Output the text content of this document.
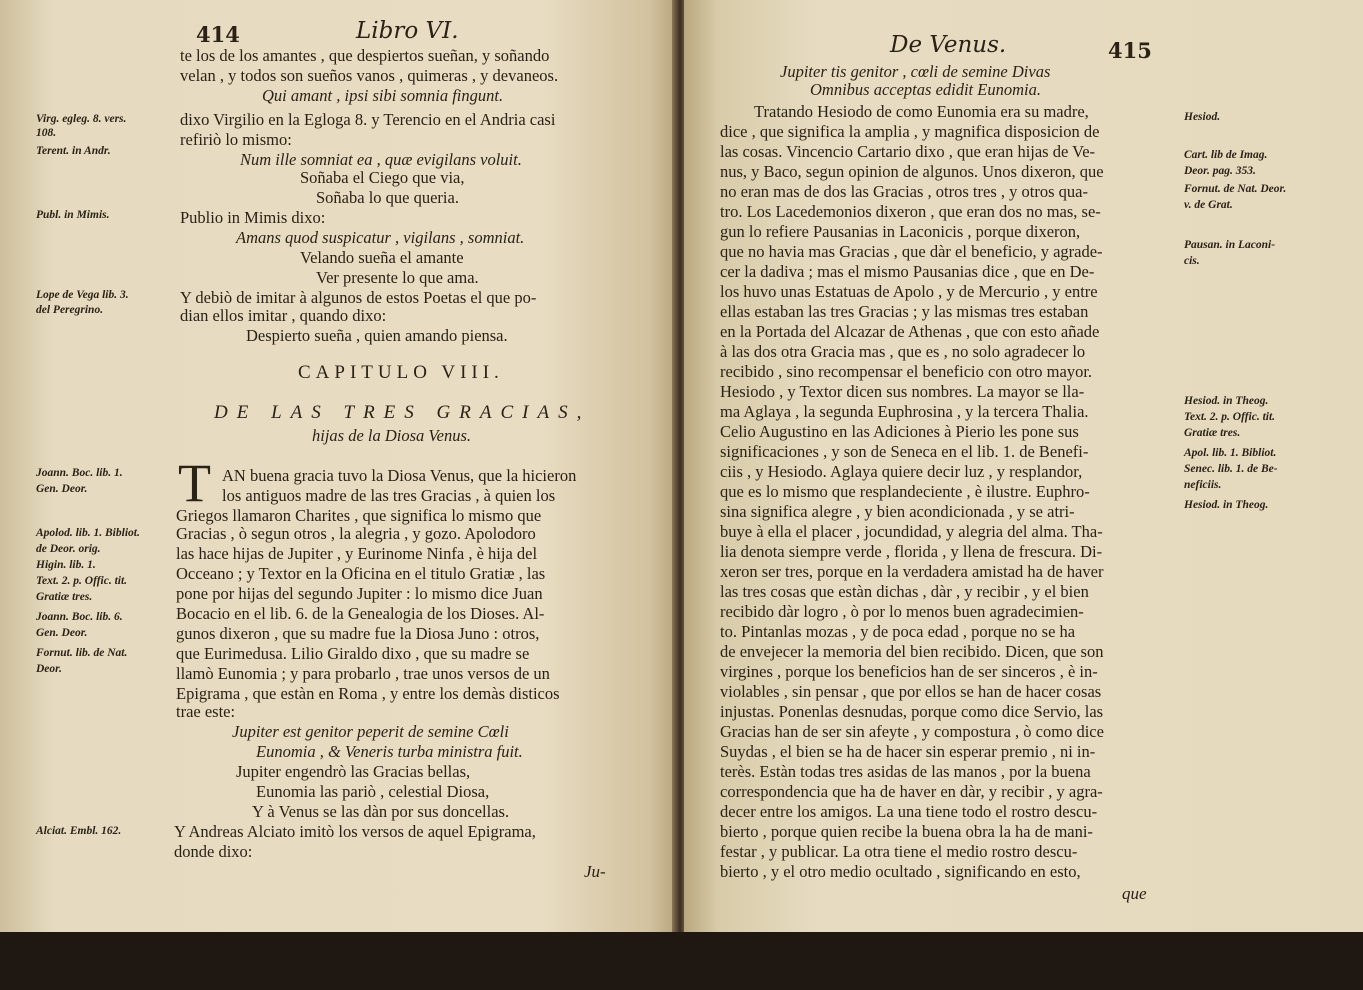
414	Libro VI.
te los de los amantes , que despiertos sueñan, y soñando
velan , y todos son sueños vanos , quimeras , y devaneos.
Qui amant , ipsi sibi somnia fingunt.
dixo Virgilio en la Egloga 8. y Terencio en el Andria casi
refiriò lo mismo:
Num ille somniat ea , quæ evigilans voluit.
Soñaba el Ciego que via,
Soñaba lo que queria.
Publio in Mimis dixo:
Amans quod suspicatur , vigilans , somniat.
Velando sueña el amante
Ver presente lo que ama.
Y debiò de imitar à algunos de estos Poetas el que po-
dian ellos imitar , quando dixo:
Despierto sueña , quien amando piensa.
CAPITULO VIII.
DE LAS TRES GRACIAS,
hijas de la Diosa Venus.
T AN buena gracia tuvo la Diosa Venus, que la hicieron
los antiguos madre de las tres Gracias , à quien los
Griegos llamaron Charites , que significa lo mismo que
Gracias , ò segun otros , la alegria , y gozo. Apolodoro
las hace hijas de Jupiter , y Eurinome Ninfa , è hija del
Occeano ; y Textor en la Oficina en el titulo Gratiæ , las
pone por hijas del segundo Jupiter : lo mismo dice Juan
Bocacio en el lib. 6. de la Genealogia de los Dioses. Al-
gunos dixeron , que su madre fue la Diosa Juno : otros,
que Eurimedusa. Lilio Giraldo dixo , que su madre se
llamò Eunomia ; y para probarlo , trae unos versos de un
Epigrama , que estàn en Roma , y entre los demàs disticos
trae este:
Jupiter est genitor peperit de semine Cœli
Eunomia , & Veneris turba ministra fuit.
Jupiter engendrò las Gracias bellas,
Eunomia las pariò , celestial Diosa,
Y à Venus se las dàn por sus doncellas.
Y Andreas Alciato imitò los versos de aquel Epigrama,
donde dixo:
Ju-
Virg. egleg. 8. vers.
108.
Terent. in Andr.
Publ. in Mimis.
Lope de Vega lib. 3.
del Peregrino.
Joann. Boc. lib. 1.
Gen. Deor.
Apolod. lib. 1. Bibliot.
de Deor. orig.
Higin. lib. 1.
Text. 2. p. Offic. tit.
Gratiæ tres.
Joann. Boc. lib. 6.
Gen. Deor.
Fornut. lib. de Nat.
Deor.
Alciat. Embl. 162.
De Venus.	415
Jupiter tis genitor , cœli de semine Divas
Omnibus acceptas edidit Eunomia.
Tratando Hesiodo de como Eunomia era su madre,
dice , que significa la amplia , y magnifica disposicion de
las cosas. Vincencio Cartario dixo , que eran hijas de Ve-
nus, y Baco, segun opinion de algunos. Unos dixeron, que
no eran mas de dos las Gracias , otros tres , y otros qua-
tro. Los Lacedemonios dixeron , que eran dos no mas, se-
gun lo refiere Pausanias in Laconicis , porque dixeron,
que no havia mas Gracias , que dàr el beneficio, y agrade-
cer la dadiva ; mas el mismo Pausanias dice , que en De-
los huvo unas Estatuas de Apolo , y de Mercurio , y entre
ellas estaban las tres Gracias ; y las mismas tres estaban
en la Portada del Alcazar de Athenas , que con esto añade
à las dos otra Gracia mas , que es , no solo agradecer lo
recibido , sino recompensar el beneficio con otro mayor.
Hesiodo , y Textor dicen sus nombres. La mayor se lla-
ma Aglaya , la segunda Euphrosina , y la tercera Thalia.
Celio Augustino en las Adiciones à Pierio les pone sus
significaciones , y son de Seneca en el lib. 1. de Benefi-
ciis , y Hesiodo. Aglaya quiere decir luz , y resplandor,
que es lo mismo que resplandeciente , è ilustre. Euphro-
sina significa alegre , y bien acondicionada , y se atri-
buye à ella el placer , jocundidad, y alegria del alma. Tha-
lia denota siempre verde , florida , y llena de frescura. Di-
xeron ser tres, porque en la verdadera amistad ha de haver
las tres cosas que estàn dichas , dàr , y recibir , y el bien
recibido dàr logro , ò por lo menos buen agradecimien-
to. Pintanlas mozas , y de poca edad , porque no se ha
de envejecer la memoria del bien recibido. Dicen, que son
virgines , porque los beneficios han de ser sinceros , è in-
violables , sin pensar , que por ellos se han de hacer cosas
injustas. Ponenlas desnudas, porque como dice Servio, las
Gracias han de ser sin afeyte , y compostura , ò como dice
Suydas , el bien se ha de hacer sin esperar premio , ni in-
terès. Estàn todas tres asidas de las manos , por la buena
correspondencia que ha de haver en dàr, y recibir , y agra-
decer entre los amigos. La una tiene todo el rostro descu-
bierto , porque quien recibe la buena obra la ha de mani-
festar , y publicar. La otra tiene el medio rostro descu-
bierto , y el otro medio ocultado , significando en esto,
que
Hesiod.
Cart. lib de Imag.
Deor. pag. 353.
Fornut. de Nat. Deor.
v. de Grat.
Pausan. in Laconi-
cis.
Hesiod. in Theog.
Text. 2. p. Offic. tit.
Gratiæ tres.
Apol. lib. 1. Bibliot.
Senec. lib. 1. de Be-
neficiis.
Hesiod. in Theog.
